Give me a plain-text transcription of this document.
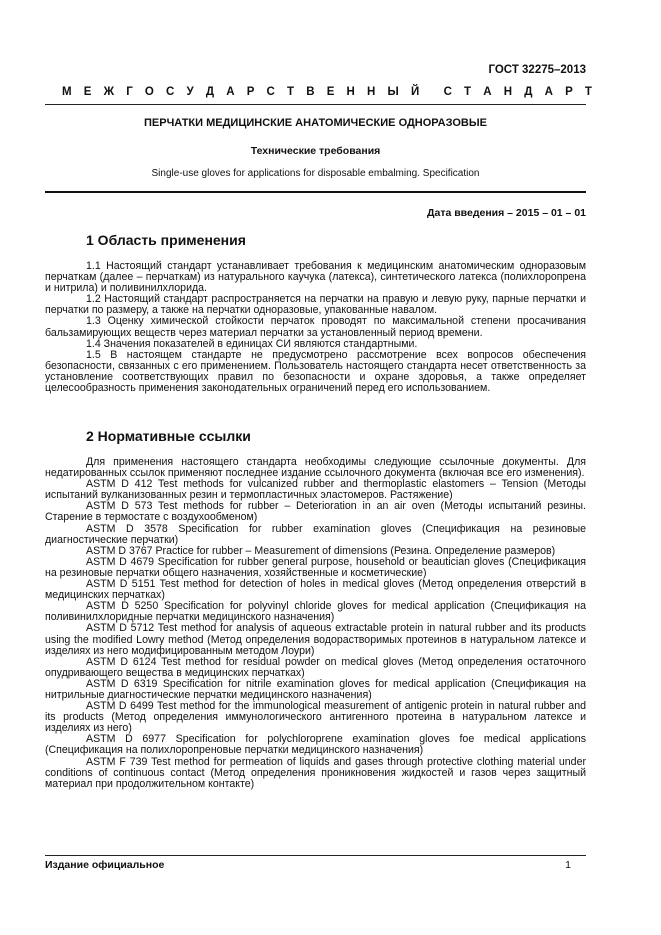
ГОСТ 32275–2013
М Е Ж Г О С У Д А Р С Т В Е Н Н Ы Й С Т А Н Д А Р Т
ПЕРЧАТКИ МЕДИЦИНСКИЕ АНАТОМИЧЕСКИЕ ОДНОРАЗОВЫЕ
Технические требования
Single-use gloves for applications for disposable embalming. Specification
Дата введения – 2015 – 01 – 01
1 Область применения

1.1 Настоящий стандарт устанавливает требования к медицинским анатомическим одноразовым перчаткам (далее – перчаткам) из натурального каучука (латекса), синтетического латекса (полихлоропрена и нитрила) и поливинилхлорида.

1.2 Настоящий стандарт распространяется на перчатки на правую и левую руку, парные перчатки и перчатки по размеру, а также на перчатки одноразовые, упакованные навалом.

1.3 Оценку химической стойкости перчаток проводят по максимальной степени просачивания бальзамирующих веществ через материал перчатки за установленный период времени.

1.4 Значения показателей в единицах СИ являются стандартными.

1.5 В настоящем стандарте не предусмотрено рассмотрение всех вопросов обеспечения безопасности, связанных с его применением. Пользователь настоящего стандарта несет ответственность за установление соответствующих правил по безопасности и охране здоровья, а также определяет целесообразность применения законодательных ограничений перед его использованием.

2 Нормативные ссылки

Для применения настоящего стандарта необходимы следующие ссылочные документы. Для недатированных ссылок применяют последнее издание ссылочного документа (включая все его изменения).

ASTM D 412 Test methods for vulcanized rubber and thermoplastic elastomers – Tension (Методы испытаний вулканизованных резин и термопластичных эластомеров. Растяжение)

ASTM D 573 Test methods for rubber – Deterioration in an air oven (Методы испытаний резины. Старение в термостате с воздухообменом)

ASTM D 3578 Specification for rubber examination gloves (Спецификация на резиновые диагностические перчатки)

ASTM D 3767 Practice for rubber – Measurement of dimensions (Резина. Определение размеров)

ASTM D 4679 Specification for rubber general purpose, household or beautician gloves (Спецификация на резиновые перчатки общего назначения, хозяйственные и косметические)

ASTM D 5151 Test method for detection of holes in medical gloves (Метод определения отверстий в медицинских перчатках)

ASTM D 5250 Specification for polyvinyl chloride gloves for medical application (Спецификация на поливинилхлоридные перчатки медицинского назначения)

ASTM D 5712 Test method for analysis of aqueous extractable protein in natural rubber and its products using the modified Lowry method (Метод определения водорастворимых протеинов в натуральном латексе и изделиях из него модифицированным методом Лоури)

ASTM D 6124 Test method for residual powder on medical gloves (Метод определения остаточного опудривающего вещества в медицинских перчатках)

ASTM D 6319 Specification for nitrile examination gloves for medical application (Спецификация на нитрильные диагностические перчатки медицинского назначения)

ASTM D 6499 Test method for the immunological measurement of antigenic protein in natural rubber and its products (Метод определения иммунологического антигенного протеина в натуральном латексе и изделиях из него)

ASTM D 6977 Specification for polychloroprene examination gloves foe medical applications (Спецификация на полихлоропреновые перчатки медицинского назначения)

ASTM F 739 Test method for permeation of liquids and gases through protective clothing material under conditions of continuous contact (Метод определения проникновения жидкостей и газов через защитный материал при продолжительном контакте)

Издание официальное	1
